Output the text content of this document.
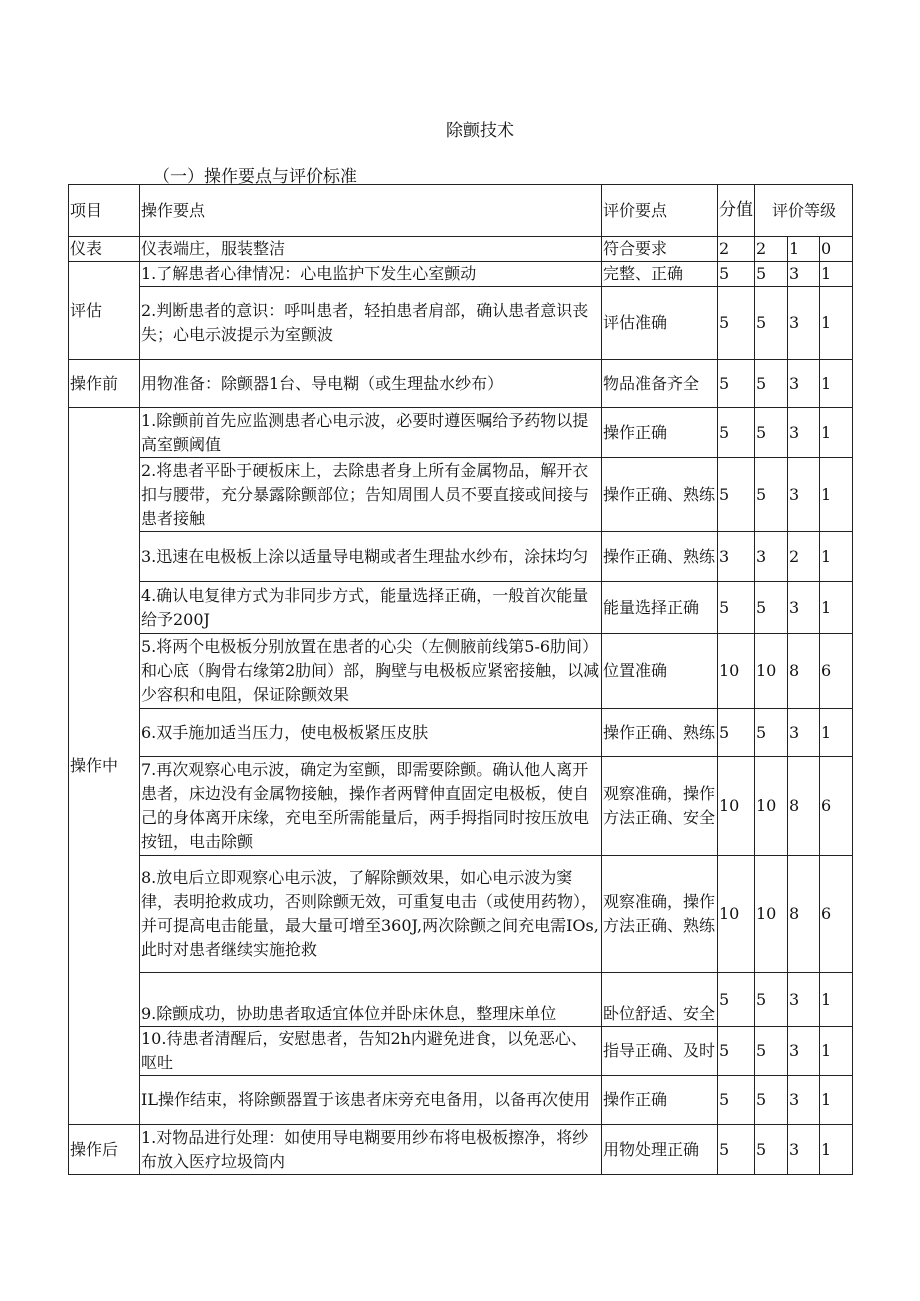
除颤技术
（一）操作要点与评价标准
项目	操作要点	评价要点	分值	评价等级		
仪表	仪表端庄，服装整洁	符合要求	2	2	1	0
评估	1.了解患者心律情况：心电监护下发生心室颤动	完整、正确	5	5	3	1
	2.判断患者的意识：呼叫患者，轻拍患者肩部，确认患者意识丧失；心电示波提示为室颤波	评估准确	5	5	3	1
操作前	用物准备：除颤器1台、导电糊（或生理盐水纱布）	物品准备齐全	5	5	3	1
操作中	1.除颤前首先应监测患者心电示波，必要时遵医嘱给予药物以提高室颤阈值	操作正确	5	5	3	1
	2.将患者平卧于硬板床上，去除患者身上所有金属物品，解开衣扣与腰带，充分暴露除颤部位；告知周围人员不要直接或间接与患者接触	操作正确、熟练	5	5	3	1
	3.迅速在电极板上涂以适量导电糊或者生理盐水纱布，涂抹均匀	操作正确、熟练	3	3	2	1
	4.确认电复律方式为非同步方式，能量选择正确，一般首次能量给予200J	能量选择正确	5	5	3	1
	5.将两个电极板分别放置在患者的心尖（左侧腋前线第5-6肋间）和心底（胸骨右缘第2肋间）部，胸壁与电极板应紧密接触，以减少容积和电阻，保证除颤效果	位置准确	10	10	8	6
	6.双手施加适当压力，使电极板紧压皮肤	操作正确、熟练	5	5	3	1
	7.再次观察心电示波，确定为室颤，即需要除颤。确认他人离开患者，床边没有金属物接触，操作者两臂伸直固定电极板，使自己的身体离开床缘，充电至所需能量后，两手拇指同时按压放电按钮，电击除颤	观察准确，操作方法正确、安全	10	10	8	6
	8.放电后立即观察心电示波，了解除颤效果，如心电示波为窦律，表明抢救成功，否则除颤无效，可重复电击（或使用药物），并可提高电击能量，最大量可增至360J,两次除颤之间充电需IOs,此时对患者继续实施抢救	观察准确，操作方法正确、熟练	10	10	8	6
	9.除颤成功，协助患者取适宜体位并卧床休息，整理床单位	卧位舒适、安全	5	5	3	1
	10.待患者清醒后，安慰患者，告知2h内避免进食，以免恶心、呕吐	指导正确、及时	5	5	3	1
	IL操作结束，将除颤器置于该患者床旁充电备用，以备再次使用	操作正确	5	5	3	1
操作后	1.对物品进行处理：如使用导电糊要用纱布将电极板擦净，将纱布放入医疗垃圾筒内	用物处理正确	5	5	3	1
